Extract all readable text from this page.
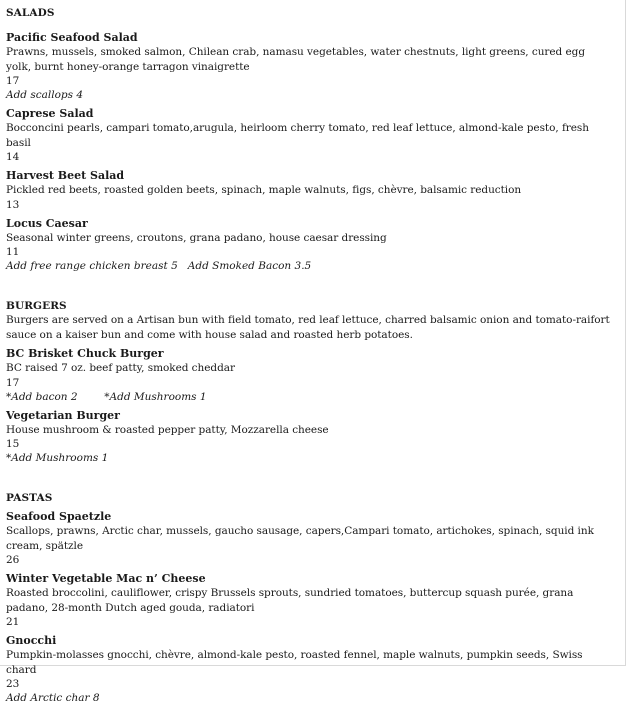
SALADS
Pacific Seafood Salad
Prawns, mussels, smoked salmon, Chilean crab, namasu vegetables, water chestnuts, light greens, cured egg yolk, burnt honey-orange tarragon vinaigrette
17
Add scallops 4
Caprese Salad
Bocconcini pearls, campari tomato,arugula, heirloom cherry tomato, red leaf lettuce, almond-kale pesto, fresh basil
14
Harvest Beet Salad
Pickled red beets, roasted golden beets, spinach, maple walnuts, figs, chèvre, balsamic reduction
13
Locus Caesar
Seasonal winter greens, croutons, grana padano, house caesar dressing
11
Add free range chicken breast 5   Add Smoked Bacon 3.5
BURGERS
Burgers are served on a Artisan bun with field tomato, red leaf lettuce, charred balsamic onion and tomato-raifort sauce on a kaiser bun and come with house salad and roasted herb potatoes.
BC Brisket Chuck Burger
BC raised 7 oz. beef patty, smoked cheddar
17
*Add bacon 2        *Add Mushrooms 1
Vegetarian Burger
House mushroom & roasted pepper patty, Mozzarella cheese
15
*Add Mushrooms 1
PASTAS
Seafood Spaetzle
Scallops, prawns, Arctic char, mussels, gaucho sausage, capers,Campari tomato, artichokes, spinach, squid ink cream, spätzle
26
Winter Vegetable Mac n’ Cheese
Roasted broccolini, cauliflower, crispy Brussels sprouts, sundried tomatoes, buttercup squash purée, grana padano, 28-month Dutch aged gouda, radiatori
21
Gnocchi
Pumpkin-molasses gnocchi, chèvre, almond-kale pesto, roasted fennel, maple walnuts, pumpkin seeds, Swiss chard
23
Add Arctic char 8
